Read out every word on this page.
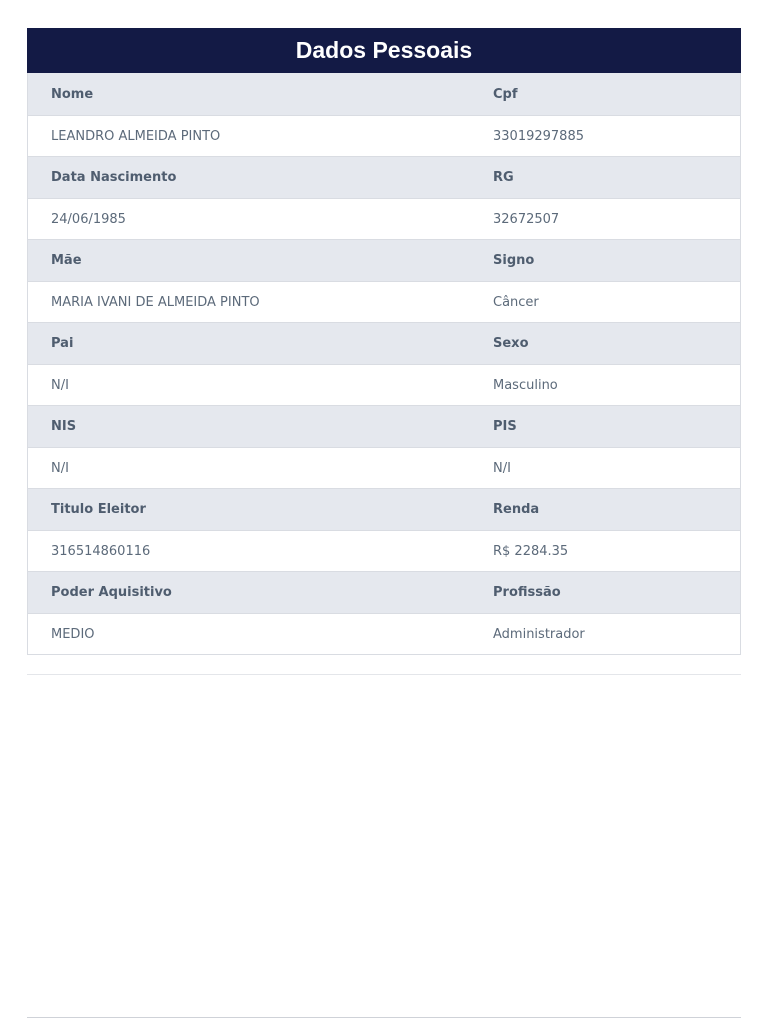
Dados Pessoais
Nome	Cpf
LEANDRO ALMEIDA PINTO	33019297885
Data Nascimento	RG
24/06/1985	32672507
Mãe	Signo
MARIA IVANI DE ALMEIDA PINTO	Câncer
Pai	Sexo
N/I	Masculino
NIS	PIS
N/I	N/I
Titulo Eleitor	Renda
316514860116	R$ 2284.35
Poder Aquisitivo	Profissão
MEDIO	Administrador
